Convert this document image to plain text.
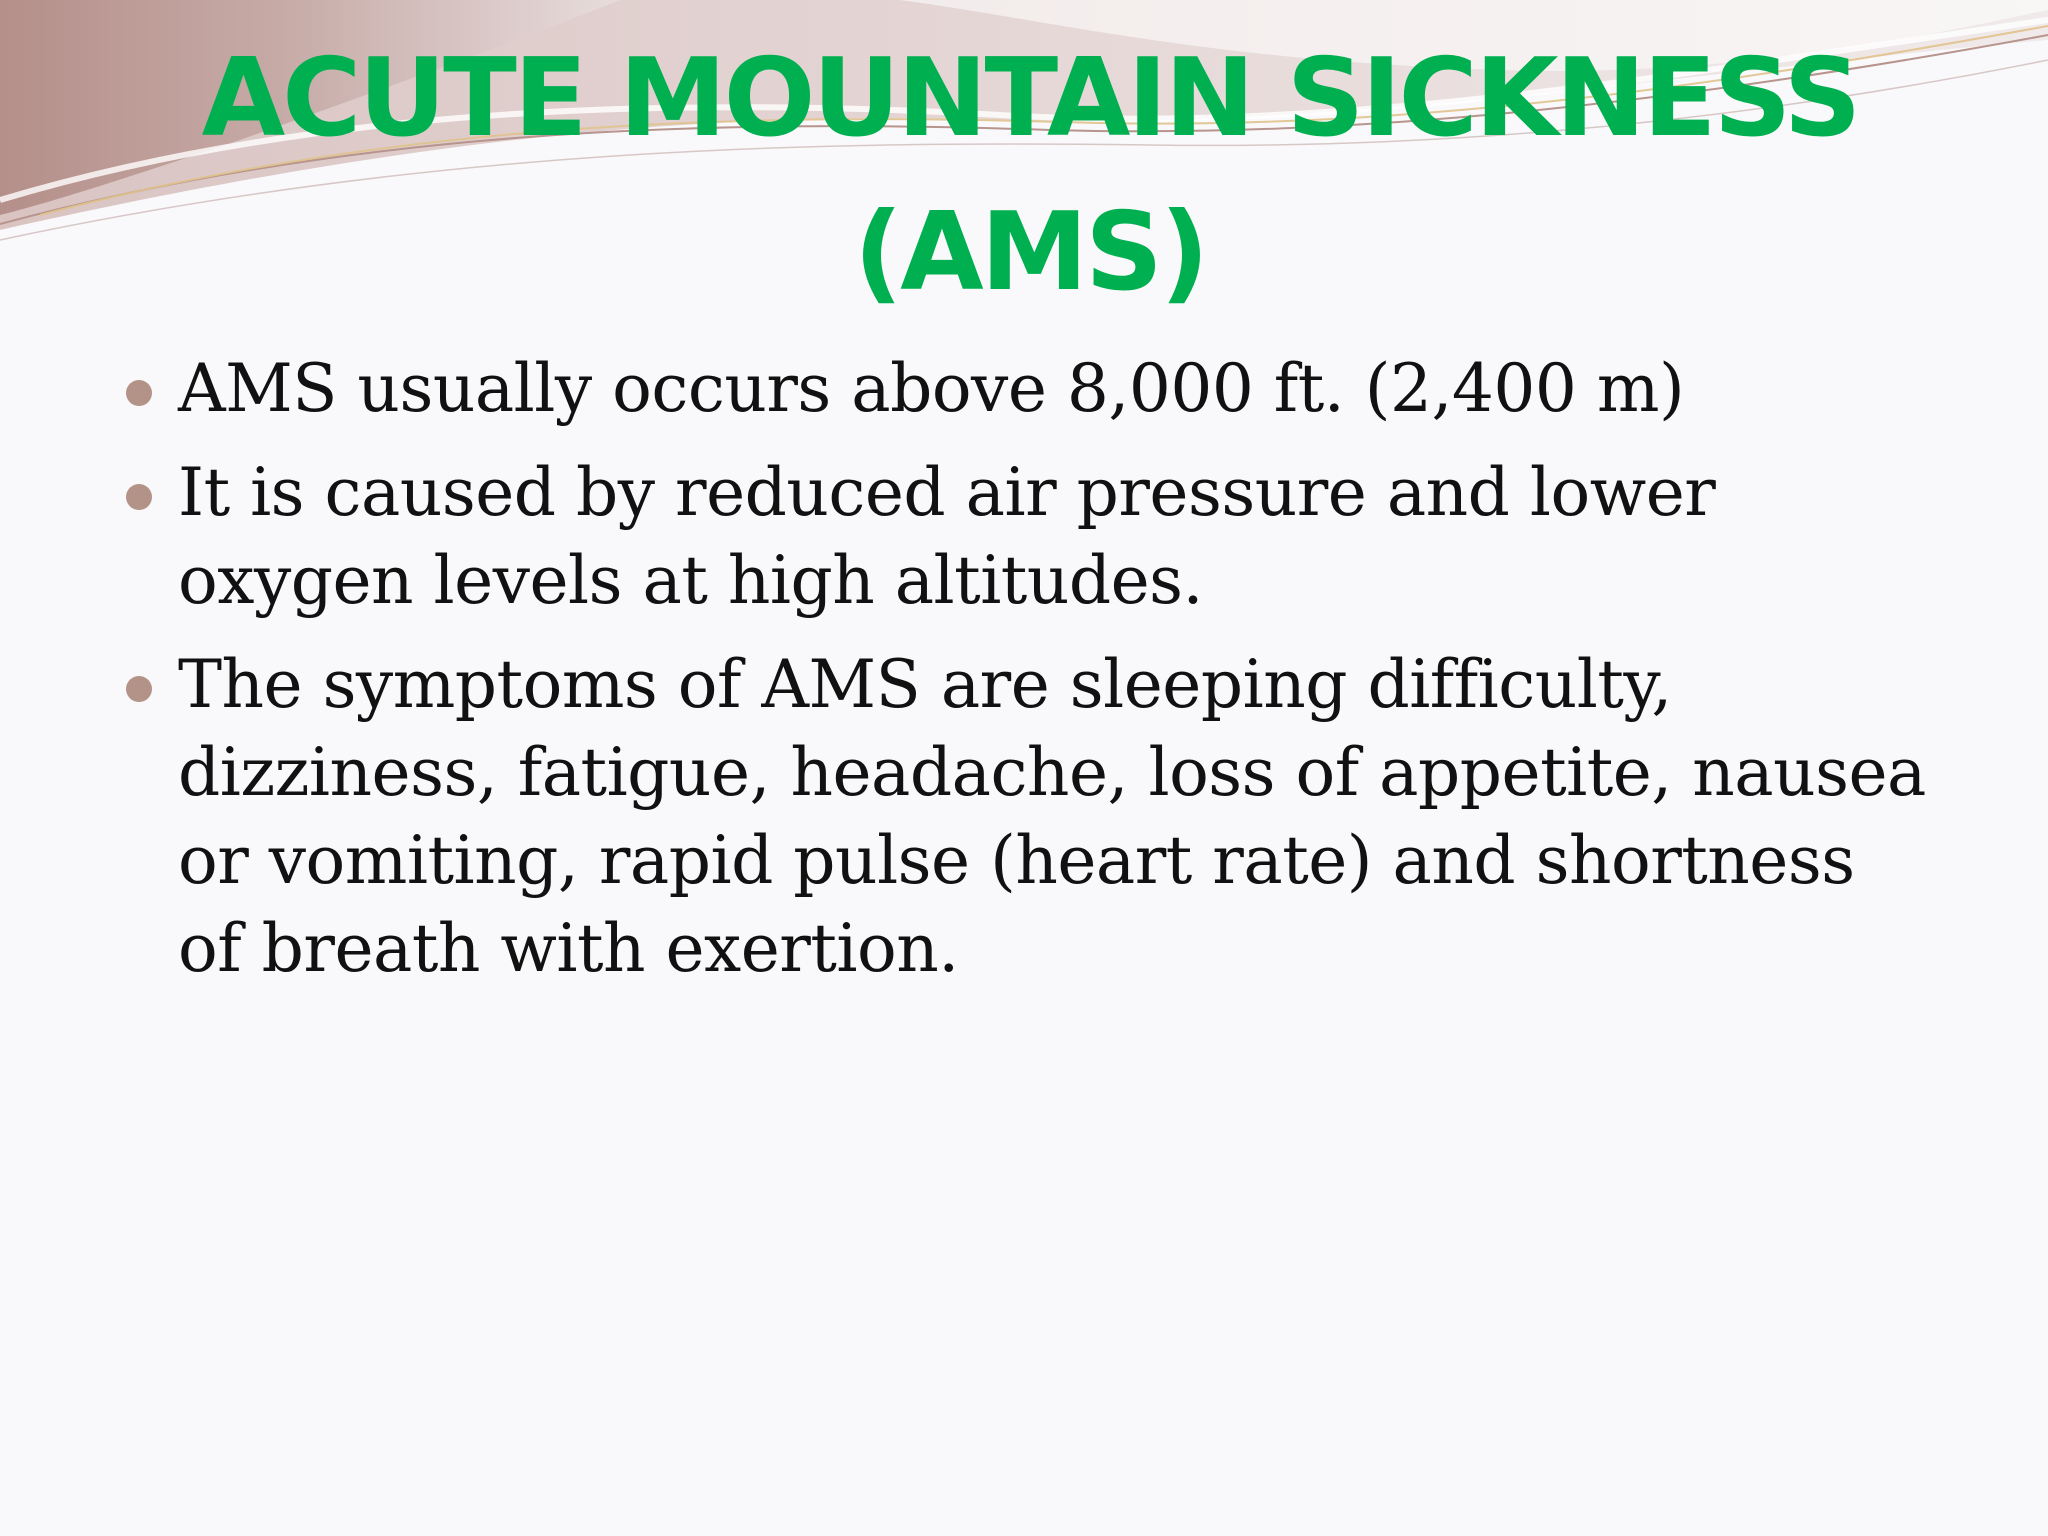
ACUTE MOUNTAIN SICKNESS
(AMS)
AMS usually occurs above 8,000 ft. (2,400 m)
It is caused by reduced air pressure and lower oxygen levels at high altitudes.
The symptoms of AMS are sleeping difficulty, dizziness, fatigue, headache, loss of appetite, nausea or vomiting, rapid pulse (heart rate) and shortness of breath with exertion.
